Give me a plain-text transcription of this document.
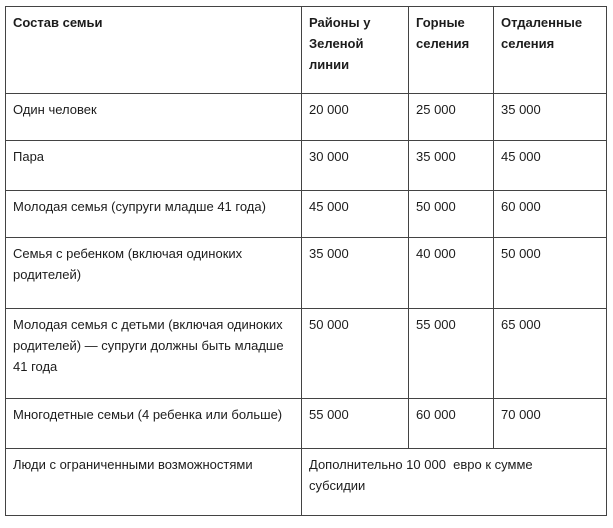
Состав семьи	Районы у Зеленой линии	Горные селения	Отдаленные селения
Один человек	20 000	25 000	35 000
Пара	30 000	35 000	45 000
Молодая семья (супруги младше 41 года)	45 000	50 000	60 000
Семья с ребенком (включая одиноких родителей)	35 000	40 000	50 000
Молодая семья с детьми (включая одиноких родителей) — супруги должны быть младше 41 года	50 000	55 000	65 000
Многодетные семьи (4 ребенка или больше)	55 000	60 000	70 000
Люди с ограниченными возможностями	Дополнительно 10 000  евро к сумме субсидии		
